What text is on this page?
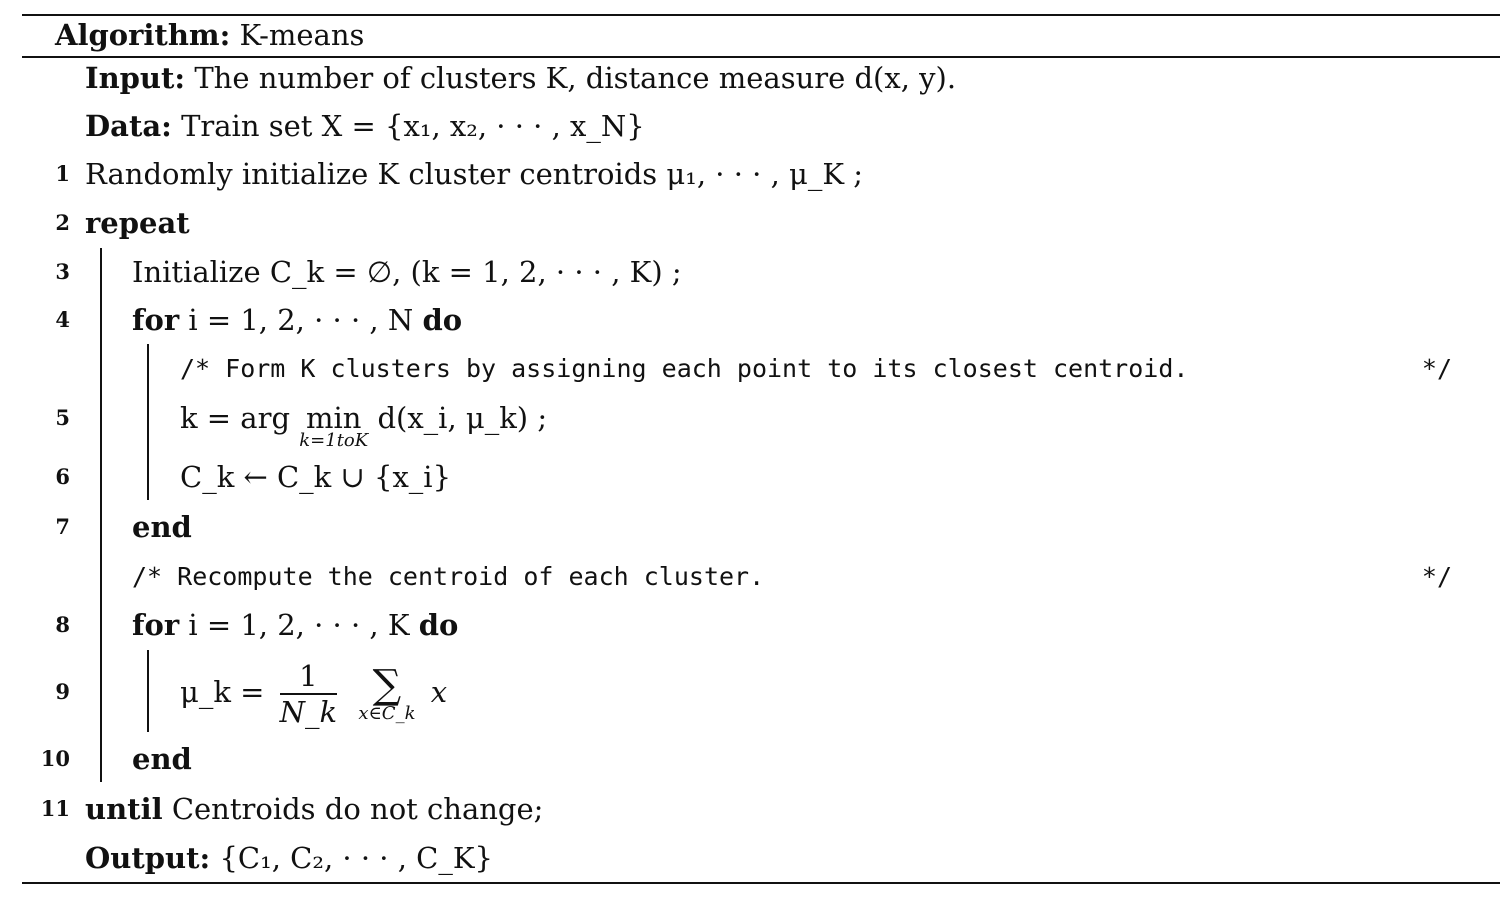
Algorithm: K-means
Input: The number of clusters K, distance measure d(x, y).
Data: Train set X = {x₁, x₂, · · · , x_N}
1 Randomly initialize K cluster centroids μ₁, · · · , μ_K ;
2 repeat
3 Initialize C_k = ∅, (k = 1, 2, · · · , K) ;
4 for i = 1, 2, · · · , N do
/* Form K clusters by assigning each point to its closest centroid.	*/
5	k = arg min
k=1toK
d(x_i, μ_k) ;
6	C_k ← C_k ∪ {x_i}
7 end
/* Recompute the centroid of each cluster.	*/
8 for i = 1, 2, · · · , K do
9	μ_k = $\frac{1}{N\_k}$
∑
x∈C_k
x
10 end
11 until Centroids do not change;
Output: {C₁, C₂, · · · , C_K}
